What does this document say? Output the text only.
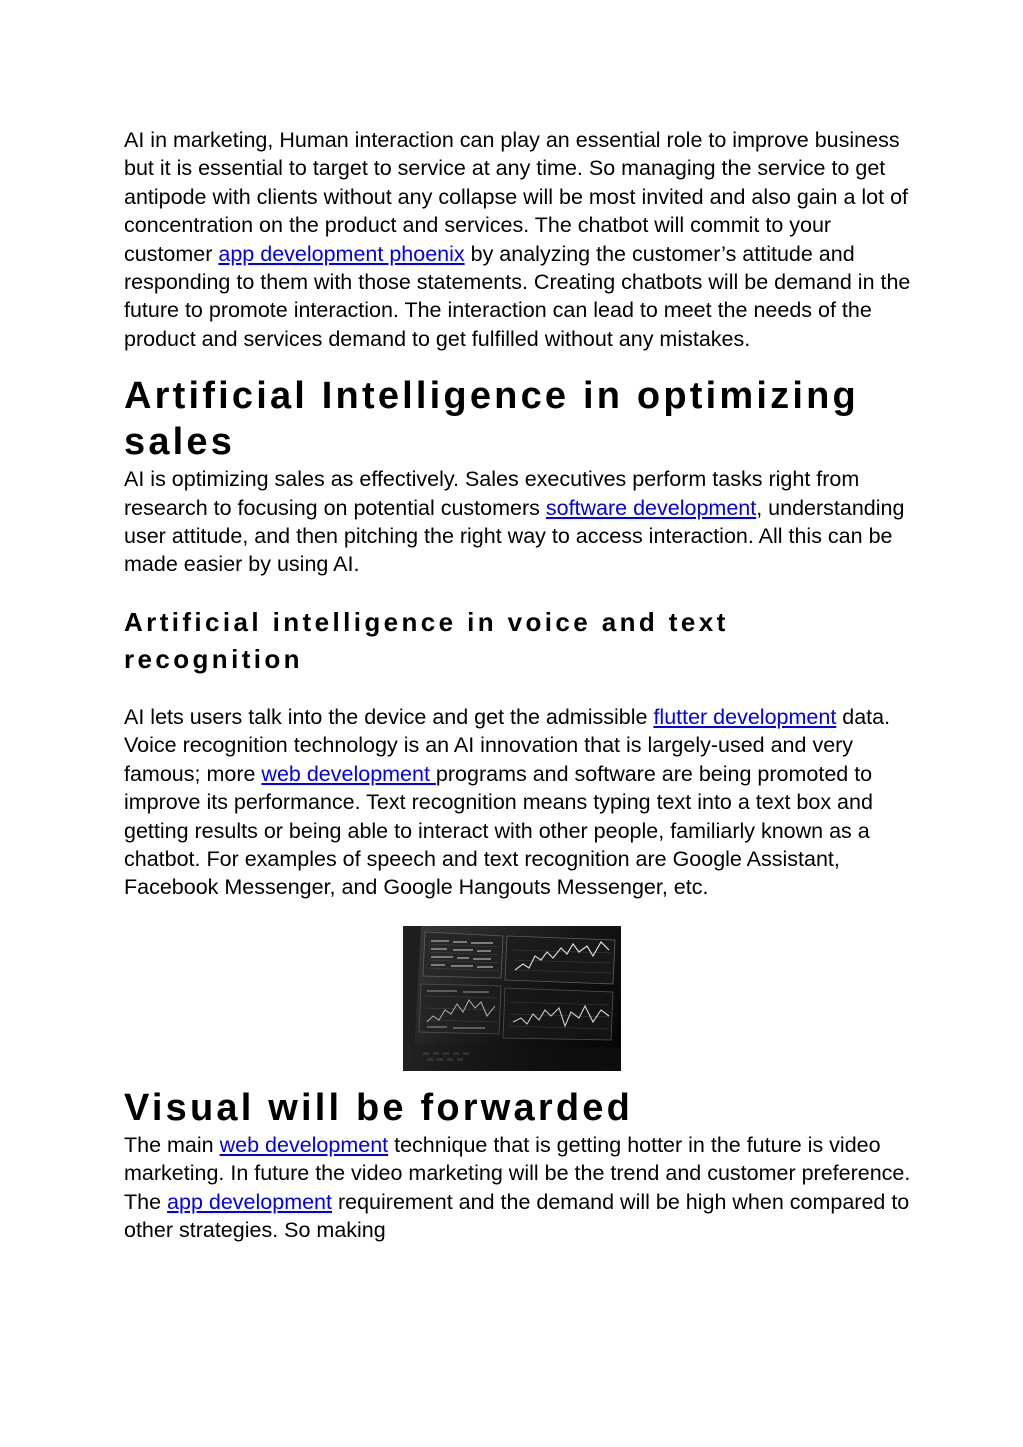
AI in marketing, Human interaction can play an essential role to improve business but it is essential to target to service at any time. So managing the service to get antipode with clients without any collapse will be most invited and also gain a lot of concentration on the product and services. The chatbot will commit to your customer app development phoenix by analyzing the customer’s attitude and responding to them with those statements. Creating chatbots will be demand in the future to promote interaction. The interaction can lead to meet the needs of the product and services demand to get fulfilled without any mistakes.

Artificial Intelligence in optimizing sales

AI is optimizing sales as effectively. Sales executives perform tasks right from research to focusing on potential customers software development, understanding user attitude, and then pitching the right way to access interaction. All this can be made easier by using AI.

Artificial intelligence in voice and text recognition

AI lets users talk into the device and get the admissible flutter development data. Voice recognition technology is an AI innovation that is largely-used and very famous; more web development programs and software are being promoted to improve its performance. Text recognition means typing text into a text box and getting results or being able to interact with other people, familiarly known as a chatbot. For examples of speech and text recognition are Google Assistant, Facebook Messenger, and Google Hangouts Messenger, etc.

Visual will be forwarded

The main web development technique that is getting hotter in the future is video marketing. In future the video marketing will be the trend and customer preference. The app development requirement and the demand will be high when compared to other strategies. So making
